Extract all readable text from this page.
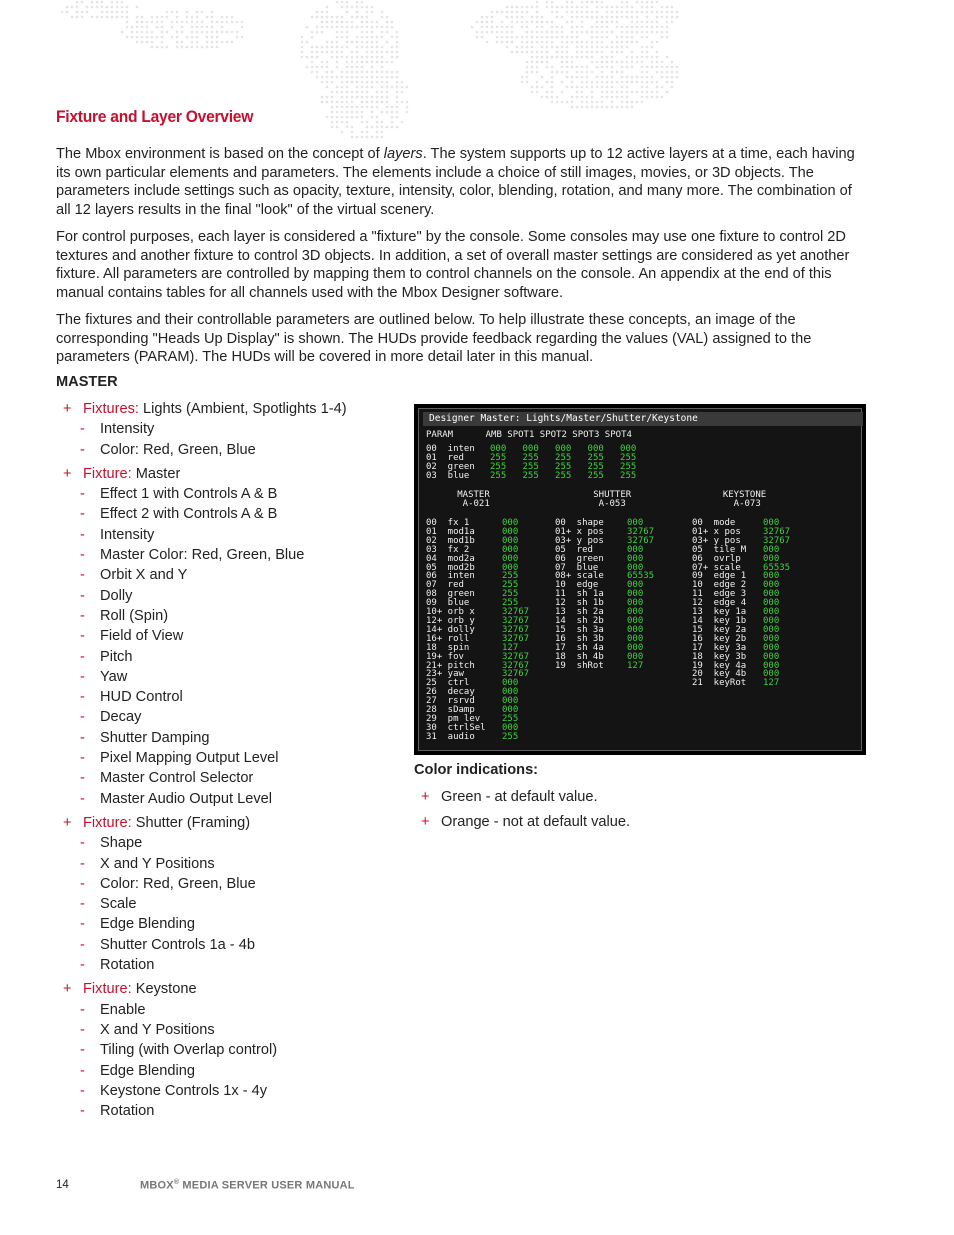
Fixture and Layer Overview

The Mbox environment is based on the concept of layers. The system supports up to 12 active layers at a time, each having its own particular elements and parameters. The elements include a choice of still images, movies, or 3D objects. The parameters include settings such as opacity, texture, intensity, color, blending, rotation, and many more. The combination of all 12 layers results in the final "look" of the virtual scenery.

For control purposes, each layer is considered a "fixture" by the console. Some consoles may use one fixture to control 2D textures and another fixture to control 3D objects. In addition, a set of overall master settings are considered as yet another fixture. All parameters are controlled by mapping them to control channels on the console. An appendix at the end of this manual contains tables for all channels used with the Mbox Designer software.

The fixtures and their controllable parameters are outlined below. To help illustrate these concepts, an image of the corresponding "Heads Up Display" is shown. The HUDs provide feedback regarding the values (VAL) assigned to the parameters (PARAM). The HUDs will be covered in more detail later in this manual.

MASTER
+ Fixtures: Lights (Ambient, Spotlights 1-4)
- Intensity
- Color: Red, Green, Blue
+ Fixture: Master
- Effect 1 with Controls A & B
- Effect 2 with Controls A & B
- Intensity
- Master Color: Red, Green, Blue
- Orbit X and Y
- Dolly
- Roll (Spin)
- Field of View
- Pitch
- Yaw
- HUD Control
- Decay
- Shutter Damping
- Pixel Mapping Output Level
- Master Control Selector
- Master Audio Output Level
+ Fixture: Shutter (Framing)
- Shape
- X and Y Positions
- Color: Red, Green, Blue
- Scale
- Edge Blending
- Shutter Controls 1a - 4b
- Rotation
+ Fixture: Keystone
- Enable
- X and Y Positions
- Tiling (with Overlap control)
- Edge Blending
- Keystone Controls 1x - 4y
- Rotation
Designer Master: Lights/Master/Shutter/Keystone
PARAM      AMB SPOT1 SPOT2 SPOT3 SPOT4
00  inten
01  red
02  green
03  blue
000   000   000   000   000
255   255   255   255   255
255   255   255   255   255
255   255   255   255   255
MASTER
A-021
SHUTTER
A-053
KEYSTONE
A-073
00  fx 1
01  mod1a
02  mod1b
03  fx 2
04  mod2a
05  mod2b
06  inten
07  red
08  green
09  blue
10+ orb x
12+ orb y
14+ dolly
16+ roll
18  spin
19+ fov
21+ pitch
23+ yaw
25  ctrl
26  decay
27  rsrvd
28  sDamp
29  pm lev
30  ctrlSel
31  audio
000
000
000
000
000
000
255
255
255
255
32767
32767
32767
32767
127
32767
32767
32767
000
000
000
000
255
000
255
00  shape
01+ x pos
03+ y pos
05  red
06  green
07  blue
08+ scale
10  edge
11  sh 1a
12  sh 1b
13  sh 2a
14  sh 2b
15  sh 3a
16  sh 3b
17  sh 4a
18  sh 4b
19  shRot
000
32767
32767
000
000
000
65535
000
000
000
000
000
000
000
000
000
127
00  mode
01+ x pos
03+ y pos
05  tile M
06  ovrlp
07+ scale
09  edge 1
10  edge 2
11  edge 3
12  edge 4
13  key 1a
14  key 1b
15  key 2a
16  key 2b
17  key 3a
18  key 3b
19  key 4a
20  key 4b
21  keyRot
000
32767
32767
000
000
65535
000
000
000
000
000
000
000
000
000
000
000
000
127
Color indications:
+ Green - at default value.
+ Orange - not at default value.
14	MBOX® MEDIA SERVER USER MANUAL
